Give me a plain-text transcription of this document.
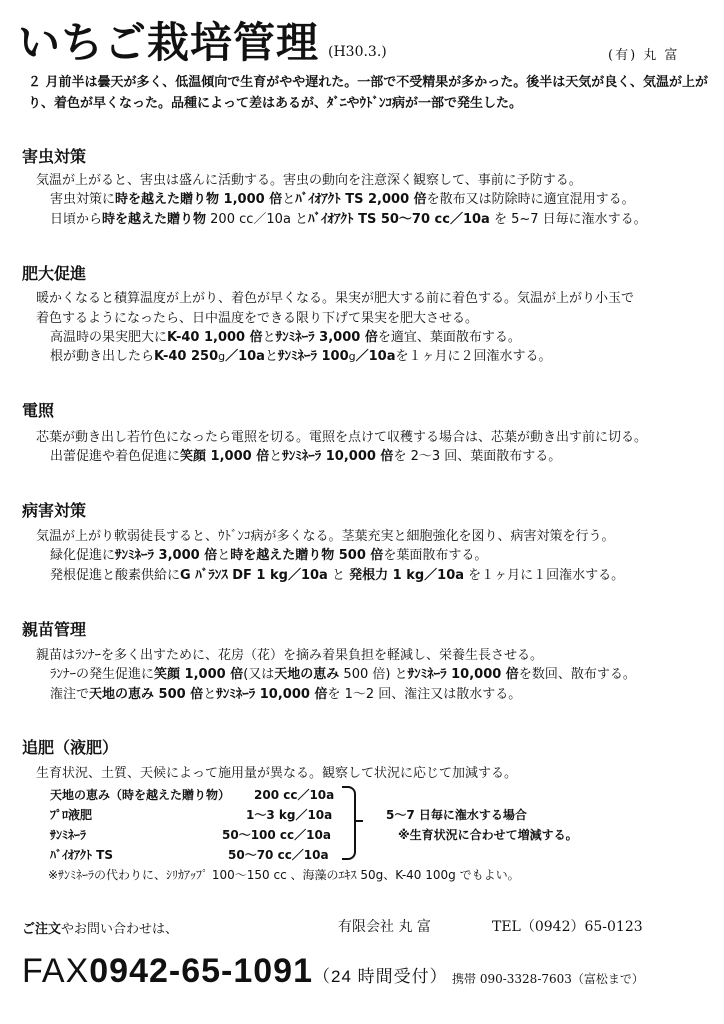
いちご栽培管理 (H30.3.)	(有) 丸 富
２ 月前半は曇天が多く、低温傾向で生育がやや遅れた。一部で不受精果が多かった。後半は天気が良く、気温が上がり、着色が早くなった。品種によって差はあるが、ﾀﾞﾆやｳﾄﾞﾝｺ病が一部で発生した。
害虫対策
気温が上がると、害虫は盛んに活動する。害虫の動向を注意深く観察して、事前に予防する。
害虫対策に時を越えた贈り物 1,000 倍とﾊﾞｲｵｱｸﾄ TS 2,000 倍を散布又は防除時に適宜混用する。
日頃から時を越えた贈り物 200 cc／10a とﾊﾞｲｵｱｸﾄ TS 50～70 cc／10a を 5~7 日毎に潅水する。
肥大促進
暖かくなると積算温度が上がり、着色が早くなる。果実が肥大する前に着色する。気温が上がり小玉で
着色するようになったら、日中温度をできる限り下げて果実を肥大させる。
高温時の果実肥大にK-40 1,000 倍とｻﾝﾐﾈｰﾗ 3,000 倍を適宜、葉面散布する。
根が動き出したらK-40 250g／10aとｻﾝﾐﾈｰﾗ 100g／10aを１ヶ月に２回潅水する。
電照
芯葉が動き出し若竹色になったら電照を切る。電照を点けて収穫する場合は、芯葉が動き出す前に切る。
出蕾促進や着色促進に笑顔 1,000 倍とｻﾝﾐﾈｰﾗ 10,000 倍を 2～3 回、葉面散布する。
病害対策
気温が上がり軟弱徒長すると、ｳﾄﾞﾝｺ病が多くなる。茎葉充実と細胞強化を図り、病害対策を行う。
緑化促進にｻﾝﾐﾈｰﾗ 3,000 倍と時を越えた贈り物 500 倍を葉面散布する。
発根促進と酸素供給にG ﾊﾞﾗﾝｽ DF 1 kg／10a と 発根力 1 kg／10a を１ヶ月に１回潅水する。
親苗管理
親苗はﾗﾝﾅｰを多く出すために、花房（花）を摘み着果負担を軽減し、栄養生長させる。
ﾗﾝﾅｰの発生促進に笑顔 1,000 倍(又は天地の恵み 500 倍) とｻﾝﾐﾈｰﾗ 10,000 倍を数回、散布する。
潅注で天地の恵み 500 倍とｻﾝﾐﾈｰﾗ 10,000 倍を 1～2 回、潅注又は散水する。
追肥（液肥）
生育状況、土質、天候によって施用量が異なる。観察して状況に応じて加減する。
天地の恵み（時を越えた贈り物） 200 cc／10a
ﾌﾟﾛ液肥	1～3 kg／10a
ｻﾝﾐﾈｰﾗ	50～100 cc／10a
ﾊﾞｲｵｱｸﾄ TS	50～70 cc／10a
5～7 日毎に潅水する場合
※生育状況に合わせて増減する。
※ｻﾝﾐﾈｰﾗの代わりに、ｼﾘｶｱｯﾌﾟ 100～150 cc 、海藻のｴｷｽ 50g、K-40 100g でもよい。
ご注文やお問い合わせは、	有限会社 丸 富	TEL（0942）65-0123
FAX0942-65-1091（24 時間受付） 携帯 090-3328-7603（富松まで）
